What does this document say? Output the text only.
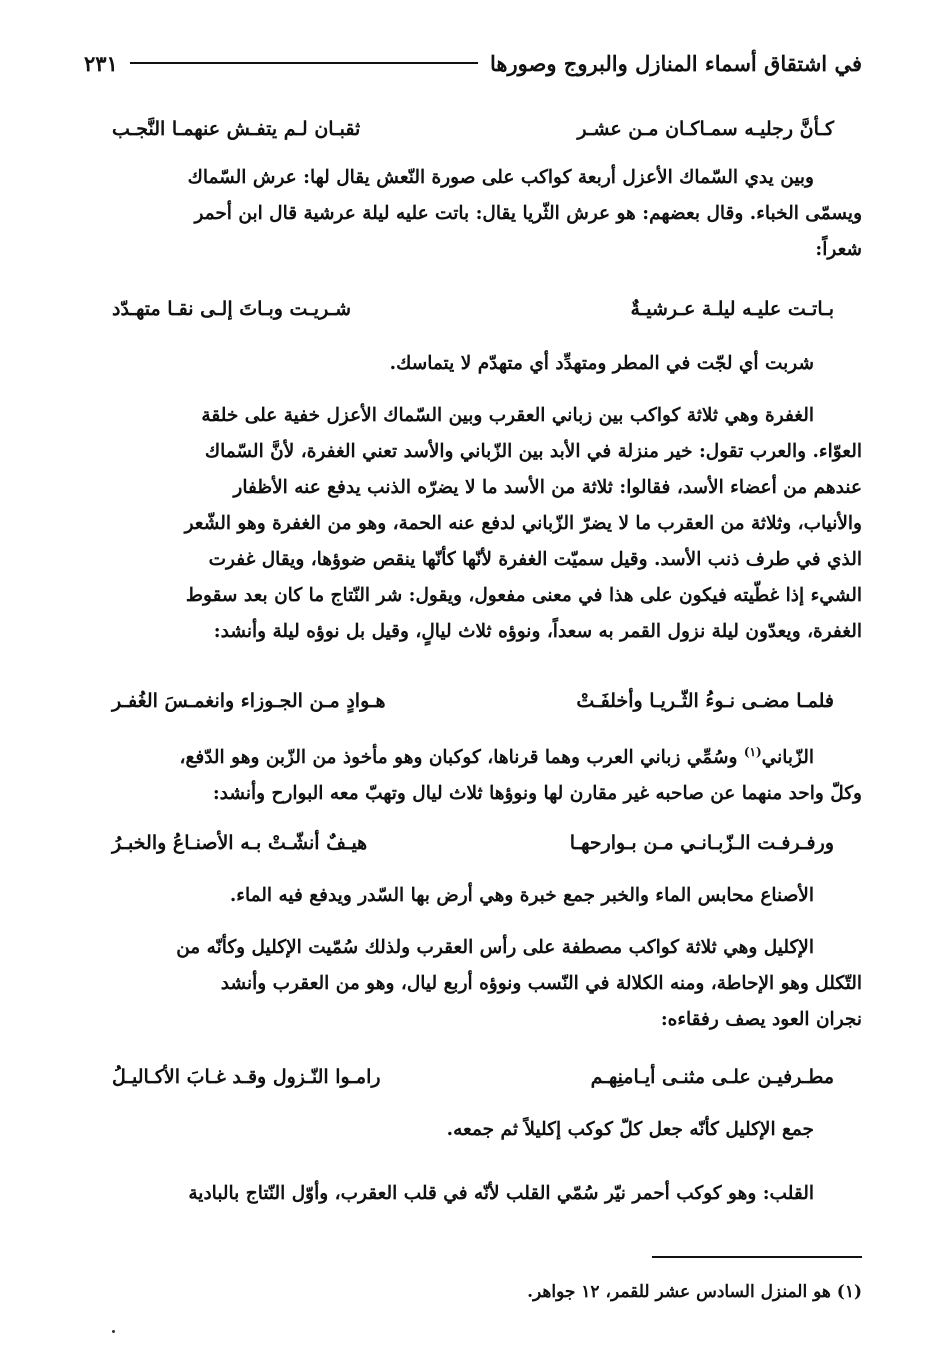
في اشتقاق أسماء المنازل والبروج وصورها
٢٣١
كـأنَّ رجليـه سمـاكـان مـن عشـر
ثقبـان لـم يتفـش عنهمـا النَّجـب
وبين يدي السّماك الأعزل أربعة كواكب على صورة النّعش يقال لها: عرش السّماك
ويسمّى الخباء. وقال بعضهم: هو عرش الثّريا يقال: باتت عليه ليلة عرشية قال ابن أحمر
شعراً:
بـاتـت عليـه ليلـة عـرشيـةٌ
شـريـت وبـاتَ إلـى نقـا متهـدّد
شربت أي لجّت في المطر ومتهدِّد أي متهدّم لا يتماسك.
الغفرة وهي ثلاثة كواكب بين زباني العقرب وبين السّماك الأعزل خفية على خلقة
العوّاء. والعرب تقول: خير منزلة في الأبد بين الزّباني والأسد تعني الغفرة، لأنَّ السّماك
عندهم من أعضاء الأسد، فقالوا: ثلاثة من الأسد ما لا يضرّه الذنب يدفع عنه الأظفار
والأنياب، وثلاثة من العقرب ما لا يضرّ الزّباني لدفع عنه الحمة، وهو من الغفرة وهو الشّعر
الذي في طرف ذنب الأسد. وقيل سميّت الغفرة لأنّها كأنّها ينقص ضوؤها، ويقال غفرت
الشيء إذا غطّيته فيكون على هذا في معنى مفعول، ويقول: شر النّتاج ما كان بعد سقوط
الغفرة، ويعدّون ليلة نزول القمر به سعداً، ونوؤه ثلاث ليالٍ، وقيل بل نوؤه ليلة وأنشد:
فلمـا مضـى نـوءُ الثّـريـا وأخلفَـتْ
هـوادٍ مـن الجـوزاء وانغمـسَ الغُفـر
الزّباني$^{(١)}$ وسُمِّي زباني العرب وهما قرناها، كوكبان وهو مأخوذ من الزّبن وهو الدّفع،
وكلّ واحد منهما عن صاحبه غير مقارن لها ونوؤها ثلاث ليال وتهبّ معه البوارح وأنشد:
ورفـرفـت الـزّبـانـي مـن بـوارحهـا
هيـفٌ أنشّـتْ بـه الأصنـاعُ والخبـرُ
الأصناع محابس الماء والخبر جمع خبرة وهي أرض بها السّدر ويدفع فيه الماء.
الإكليل وهي ثلاثة كواكب مصطفة على رأس العقرب ولذلك سُمّيت الإكليل وكأنّه من
التّكلل وهو الإحاطة، ومنه الكلالة في النّسب ونوؤه أربع ليال، وهو من العقرب وأنشد
نجران العود يصف رفقاءه:
مطـرفيـن علـى مثنـى أيـامنِهـم
رامـوا النّـزول وقـد غـابَ الأكـاليـلُ
جمع الإكليل كأنّه جعل كلّ كوكب إكليلاً ثم جمعه.
القلب: وهو كوكب أحمر نيّر سُمّي القلب لأنّه في قلب العقرب، وأوّل النّتاج بالبادية
(١) هو المنزل السادس عشر للقمر، ١٢ جواهر.
